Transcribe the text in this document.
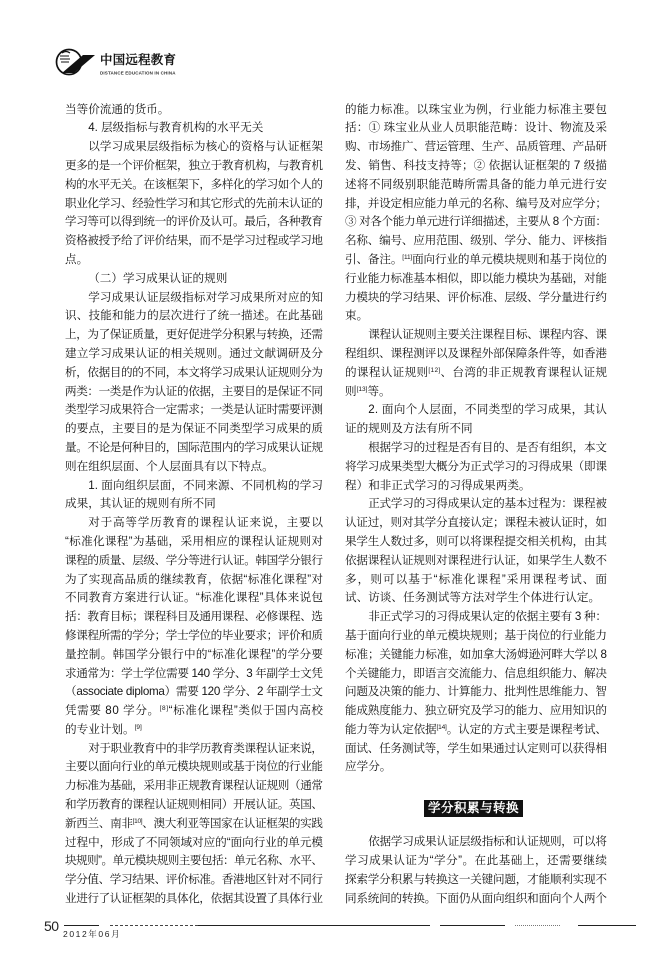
中国远程教育
DISTANCE EDUCATION IN CHINA
当等价流通的货币。
4. 层级指标与教育机构的水平无关
以学习成果层级指标为核心的资格与认证框架
更多的是一个评价框架，独立于教育机构，与教育机
构的水平无关。在该框架下，多样化的学习如个人的
职业化学习、经验性学习和其它形式的先前未认证的
学习等可以得到统一的评价及认可。最后，各种教育
资格被授予给了评价结果，而不是学习过程或学习地
点。
（二）学习成果认证的规则
学习成果认证层级指标对学习成果所对应的知
识、技能和能力的层次进行了统一描述。在此基础
上，为了保证质量，更好促进学分积累与转换，还需
建立学习成果认证的相关规则。通过文献调研及分
析，依据目的的不同，本文将学习成果认证规则分为
两类：一类是作为认证的依据，主要目的是保证不同
类型学习成果符合一定需求；一类是认证时需要评测
的要点，主要目的是为保证不同类型学习成果的质
量。不论是何种目的，国际范围内的学习成果认证规
则在组织层面、个人层面具有以下特点。
1. 面向组织层面，不同来源、不同机构的学习
成果，其认证的规则有所不同
对于高等学历教育的课程认证来说，主要以
“标准化课程”为基础，采用相应的课程认证规则对
课程的质量、层级、学分等进行认证。韩国学分银行
为了实现高品质的继续教育，依据“标准化课程”对
不同教育方案进行认证。“标准化课程”具体来说包
括：教育目标；课程科目及通用课程、必修课程、选
修课程所需的学分；学士学位的毕业要求；评价和质
量控制。韩国学分银行中的“标准化课程”的学分要
求通常为：学士学位需要 140 学分、3 年副学士文凭
（associate diploma）需要 120 学分、2 年副学士文
凭需要 80 学分。[8]“标准化课程”类似于国内高校
的专业计划。[9]
对于职业教育中的非学历教育类课程认证来说，
主要以面向行业的单元模块规则或基于岗位的行业能
力标准为基础，采用非正规教育课程认证规则（通常
和学历教育的课程认证规则相同）开展认证。英国、
新西兰、南非[10]、澳大利亚等国家在认证框架的实践
过程中，形成了不同领域对应的“面向行业的单元模
块规则”。单元模块规则主要包括：单元名称、水平、
学分值、学习结果、评价标准。香港地区针对不同行
业进行了认证框架的具体化，依据其设置了具体行业
的能力标准。以珠宝业为例，行业能力标准主要包
括：① 珠宝业从业人员职能范畴：设计、物流及采
购、市场推广、营运管理、生产、品质管理、产品研
发、销售、科技支持等；② 依据认证框架的 7 级描
述将不同级别职能范畴所需具备的能力单元进行安
排，并设定相应能力单元的名称、编号及对应学分；
③ 对各个能力单元进行详细描述，主要从 8 个方面：
名称、编号、应用范围、级别、学分、能力、评核指
引、备注。[11]面向行业的单元模块规则和基于岗位的
行业能力标准基本相似，即以能力模块为基础，对能
力模块的学习结果、评价标准、层级、学分量进行约
束。
课程认证规则主要关注课程目标、课程内容、课
程组织、课程测评以及课程外部保障条件等，如香港
的课程认证规则[12]、台湾的非正规教育课程认证规
则[13]等。
2. 面向个人层面，不同类型的学习成果，其认
证的规则及方法有所不同
根据学习的过程是否有目的、是否有组织，本文
将学习成果类型大概分为正式学习的习得成果（即课
程）和非正式学习的习得成果两类。
正式学习的习得成果认定的基本过程为：课程被
认证过，则对其学分直接认定；课程未被认证时，如
果学生人数过多，则可以将课程提交相关机构，由其
依据课程认证规则对课程进行认证，如果学生人数不
多，则可以基于“标准化课程”采用课程考试、面
试、访谈、任务测试等方法对学生个体进行认定。
非正式学习的习得成果认定的依据主要有 3 种：
基于面向行业的单元模块规则；基于岗位的行业能力
标准；关键能力标准，如加拿大汤姆逊河畔大学以 8
个关键能力，即语言交流能力、信息组织能力、解决
问题及决策的能力、计算能力、批判性思维能力、智
能成熟度能力、独立研究及学习的能力、应用知识的
能力等为认定依据[14]。认定的方式主要是课程考试、
面试、任务测试等，学生如果通过认定则可以获得相
应学分。
学分积累与转换
依据学习成果认证层级指标和认证规则，可以将
学习成果认证为“学分”。在此基础上，还需要继续
探索学分积累与转换这一关键问题，才能顺利实现不
同系统间的转换。下面仍从面向组织和面向个人两个
50 2012年06月
